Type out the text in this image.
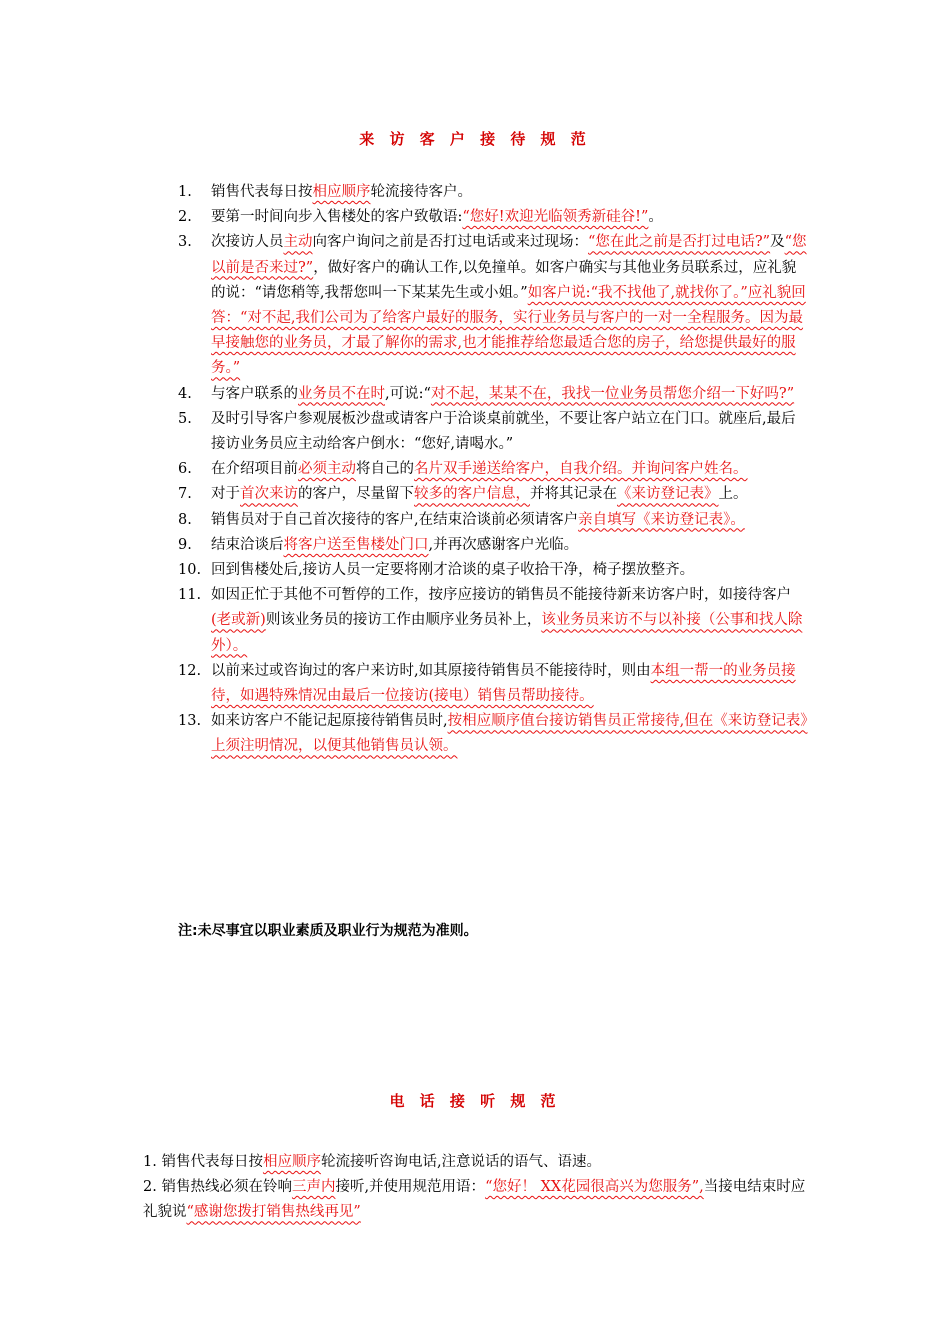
来 访 客 户 接 待 规 范
1.	销售代表每日按相应顺序轮流接待客户。
2.	要第一时间向步入售楼处的客户致敬语:“您好!欢迎光临领秀新硅谷!”。
3.	次接访人员主动向客户询问之前是否打过电话或来过现场：“您在此之前是否打过电话?”及“您以前是否来过?”，做好客户的确认工作,以免撞单。如客户确实与其他业务员联系过，应礼貌的说：“请您稍等,我帮您叫一下某某先生或小姐。”如客户说:“我不找他了,就找你了。”应礼貌回答：“对不起,我们公司为了给客户最好的服务，实行业务员与客户的一对一全程服务。因为最早接触您的业务员，才最了解你的需求,也才能推荐给您最适合您的房子，给您提供最好的服务。”
4.	与客户联系的业务员不在时,可说:“对不起，某某不在，我找一位业务员帮您介绍一下好吗?”
5.	及时引导客户参观展板沙盘或请客户于洽谈桌前就坐，不要让客户站立在门口。就座后,最后接访业务员应主动给客户倒水：“您好,请喝水。”
6.	在介绍项目前必须主动将自己的名片双手递送给客户，自我介绍。并询问客户姓名。
7.	对于首次来访的客户，尽量留下较多的客户信息，并将其记录在《来访登记表》上。
8.	销售员对于自己首次接待的客户,在结束洽谈前必须请客户亲自填写《来访登记表》。
9.	结束洽谈后将客户送至售楼处门口,并再次感谢客户光临。
10. 回到售楼处后,接访人员一定要将刚才洽谈的桌子收拾干净，椅子摆放整齐。
11. 如因正忙于其他不可暂停的工作，按序应接访的销售员不能接待新来访客户时，如接待客户(老或新)则该业务员的接访工作由顺序业务员补上，该业务员来访不与以补接（公事和找人除外）。
12. 以前来过或咨询过的客户来访时,如其原接待销售员不能接待时，则由本组一帮一的业务员接待，如遇特殊情况由最后一位接访(接电）销售员帮助接待。
13. 如来访客户不能记起原接待销售员时,按相应顺序值台接访销售员正常接待,但在《来访登记表》上须注明情况，以便其他销售员认领。

注:未尽事宜以职业素质及职业行为规范为准则。

电 话 接 听 规 范
1. 销售代表每日按相应顺序轮流接听咨询电话,注意说话的语气、语速。
2. 销售热线必须在铃响三声内接听,并使用规范用语：“您好！ XX花园很高兴为您服务”,当接电结束时应礼貌说“感谢您拨打销售热线再见”
